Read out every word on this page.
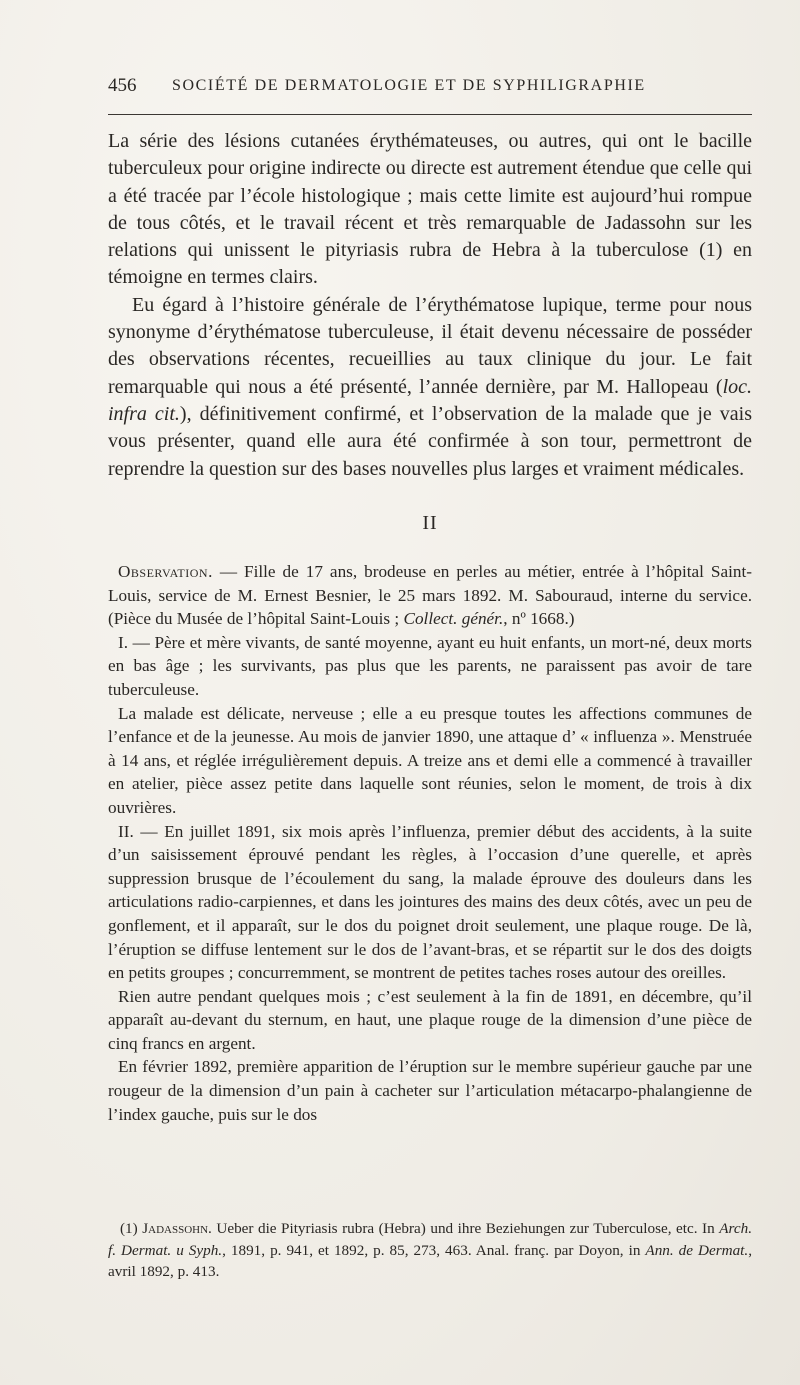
456 SOCIÉTÉ DE DERMATOLOGIE ET DE SYPHILIGRAPHIE

La série des lésions cutanées érythémateuses, ou autres, qui ont le bacille tuberculeux pour origine indirecte ou directe est autrement étendue que celle qui a été tracée par l’école histologique ; mais cette limite est aujourd’hui rompue de tous côtés, et le travail récent et très remarquable de Jadassohn sur les relations qui unissent le pityriasis rubra de Hebra à la tuberculose (1) en témoigne en termes clairs.

Eu égard à l’histoire générale de l’érythématose lupique, terme pour nous synonyme d’érythématose tuberculeuse, il était devenu nécessaire de posséder des observations récentes, recueillies au taux clinique du jour. Le fait remarquable qui nous a été présenté, l’année dernière, par M. Hallopeau (loc. infra cit.), définitivement confirmé, et l’observation de la malade que je vais vous présenter, quand elle aura été confirmée à son tour, permettront de reprendre la question sur des bases nouvelles plus larges et vraiment médicales.

II

Observation. — Fille de 17 ans, brodeuse en perles au métier, entrée à l’hôpital Saint-Louis, service de M. Ernest Besnier, le 25 mars 1892. M. Sabouraud, interne du service. (Pièce du Musée de l’hôpital Saint-Louis ; Collect. génér., nº 1668.)

I. — Père et mère vivants, de santé moyenne, ayant eu huit enfants, un mort-né, deux morts en bas âge ; les survivants, pas plus que les parents, ne paraissent pas avoir de tare tuberculeuse.

La malade est délicate, nerveuse ; elle a eu presque toutes les affections communes de l’enfance et de la jeunesse. Au mois de janvier 1890, une attaque d’ « influenza ». Menstruée à 14 ans, et réglée irrégulièrement depuis. A treize ans et demi elle a commencé à travailler en atelier, pièce assez petite dans laquelle sont réunies, selon le moment, de trois à dix ouvrières.

II. — En juillet 1891, six mois après l’influenza, premier début des accidents, à la suite d’un saisissement éprouvé pendant les règles, à l’occasion d’une querelle, et après suppression brusque de l’écoulement du sang, la malade éprouve des douleurs dans les articulations radio-carpiennes, et dans les jointures des mains des deux côtés, avec un peu de gonflement, et il apparaît, sur le dos du poignet droit seulement, une plaque rouge. De là, l’éruption se diffuse lentement sur le dos de l’avant-bras, et se répartit sur le dos des doigts en petits groupes ; concurremment, se montrent de petites taches roses autour des oreilles.

Rien autre pendant quelques mois ; c’est seulement à la fin de 1891, en décembre, qu’il apparaît au-devant du sternum, en haut, une plaque rouge de la dimension d’une pièce de cinq francs en argent.

En février 1892, première apparition de l’éruption sur le membre supérieur gauche par une rougeur de la dimension d’un pain à cacheter sur l’articulation métacarpo-phalangienne de l’index gauche, puis sur le dos

(1) Jadassohn. Ueber die Pityriasis rubra (Hebra) und ihre Beziehungen zur Tuberculose, etc. In Arch. f. Dermat. u Syph., 1891, p. 941, et 1892, p. 85, 273, 463. Anal. franç. par Doyon, in Ann. de Dermat., avril 1892, p. 413.
